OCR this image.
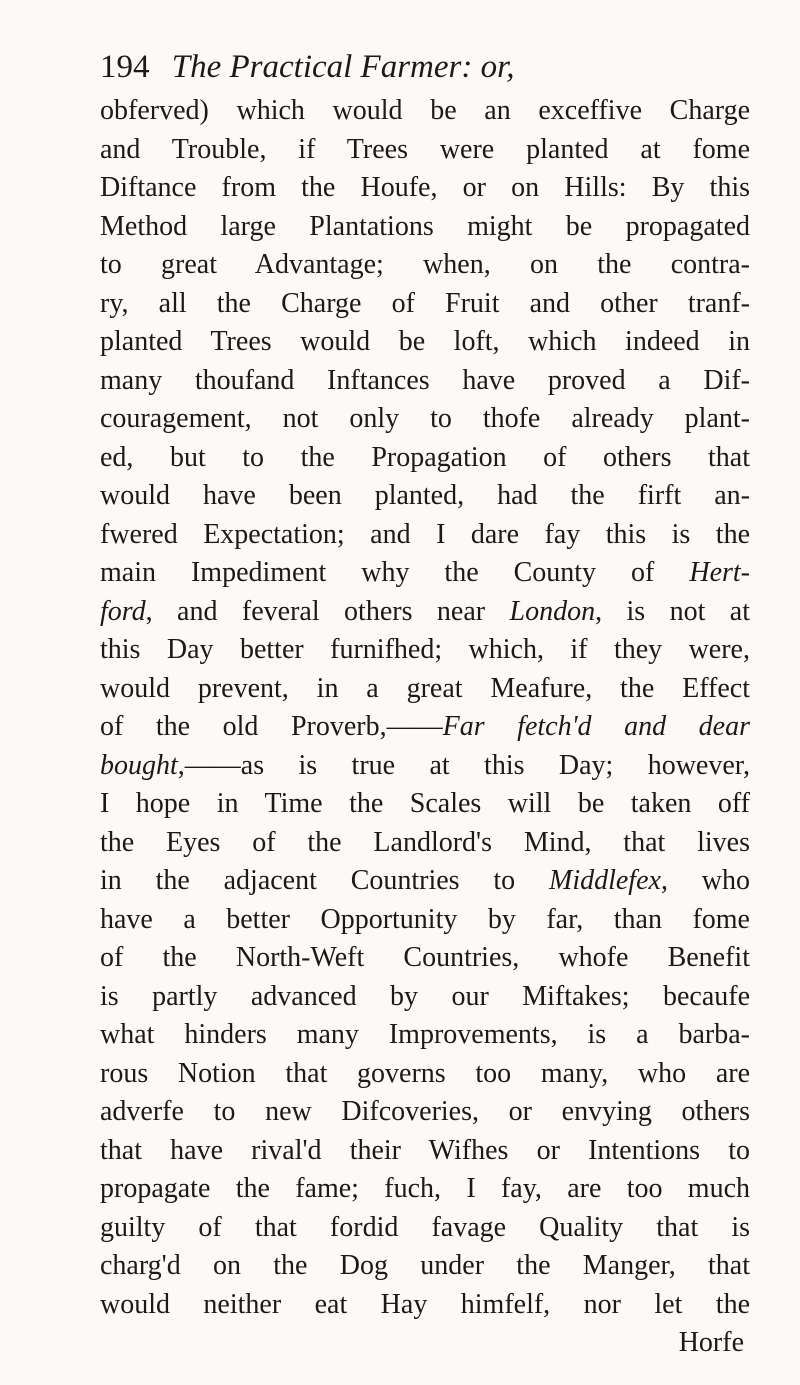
194 The Practical Farmer: or,
obferved) which would be an exceffive Charge
and Trouble, if Trees were planted at fome
Diftance from the Houfe, or on Hills: By this
Method large Plantations might be propagated
to great Advantage; when, on the contra-
ry, all the Charge of Fruit and other tranf-
planted Trees would be loft, which indeed in
many thoufand Inftances have proved a Dif-
couragement, not only to thofe already plant-
ed, but to the Propagation of others that
would have been planted, had the firft an-
fwered Expectation; and I dare fay this is the
main Impediment why the County of Hert-
ford, and feveral others near London, is not at
this Day better furnifhed; which, if they were,
would prevent, in a great Meafure, the Effect
of the old Proverb,——Far fetch'd and dear
bought,——as is true at this Day; however,
I hope in Time the Scales will be taken off
the Eyes of the Landlord's Mind, that lives
in the adjacent Countries to Middlefex, who
have a better Opportunity by far, than fome
of the North-Weft Countries, whofe Benefit
is partly advanced by our Miftakes; becaufe
what hinders many Improvements, is a barba-
rous Notion that governs too many, who are
adverfe to new Difcoveries, or envying others
that have rival'd their Wifhes or Intentions to
propagate the fame; fuch, I fay, are too much
guilty of that fordid favage Quality that is
charg'd on the Dog under the Manger, that
would neither eat Hay himfelf, nor let the
Horfe
